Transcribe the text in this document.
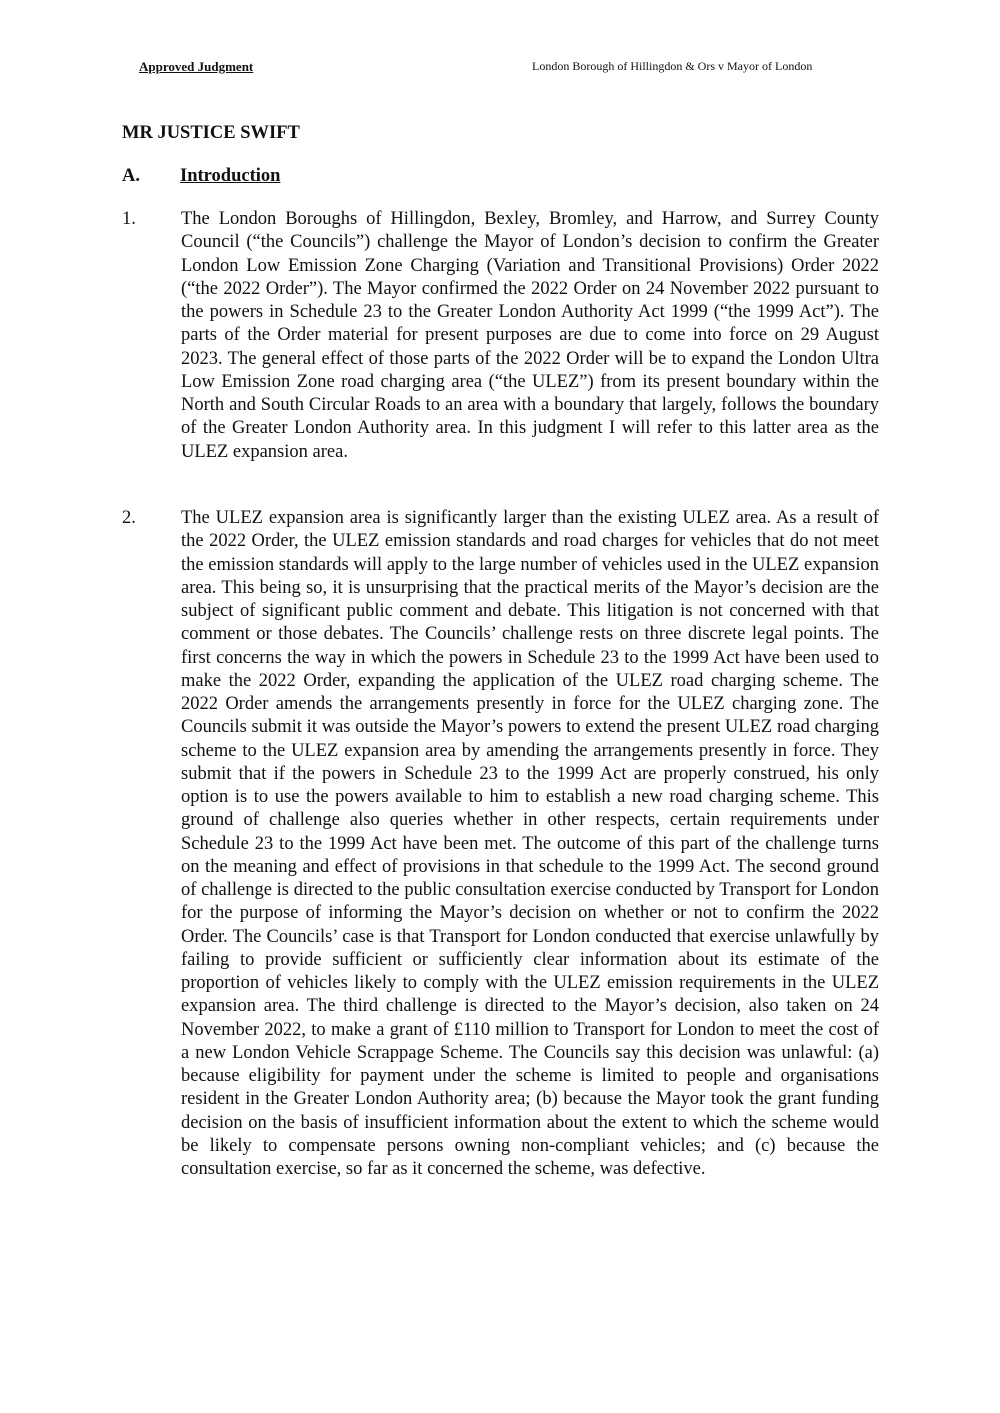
Approved Judgment	London Borough of Hillingdon & Ors v Mayor of London
MR JUSTICE SWIFT
A. Introduction
1. The London Boroughs of Hillingdon, Bexley, Bromley, and Harrow, and Surrey County Council (“the Councils”) challenge the Mayor of London’s decision to confirm the Greater London Low Emission Zone Charging (Variation and Transitional Provisions) Order 2022 (“the 2022 Order”). The Mayor confirmed the 2022 Order on 24 November 2022 pursuant to the powers in Schedule 23 to the Greater London Authority Act 1999 (“the 1999 Act”). The parts of the Order material for present purposes are due to come into force on 29 August 2023. The general effect of those parts of the 2022 Order will be to expand the London Ultra Low Emission Zone road charging area (“the ULEZ”) from its present boundary within the North and South Circular Roads to an area with a boundary that largely, follows the boundary of the Greater London Authority area. In this judgment I will refer to this latter area as the ULEZ expansion area.

2. The ULEZ expansion area is significantly larger than the existing ULEZ area. As a result of the 2022 Order, the ULEZ emission standards and road charges for vehicles that do not meet the emission standards will apply to the large number of vehicles used in the ULEZ expansion area. This being so, it is unsurprising that the practical merits of the Mayor’s decision are the subject of significant public comment and debate. This litigation is not concerned with that comment or those debates. The Councils’ challenge rests on three discrete legal points. The first concerns the way in which the powers in Schedule 23 to the 1999 Act have been used to make the 2022 Order, expanding the application of the ULEZ road charging scheme. The 2022 Order amends the arrangements presently in force for the ULEZ charging zone. The Councils submit it was outside the Mayor’s powers to extend the present ULEZ road charging scheme to the ULEZ expansion area by amending the arrangements presently in force. They submit that if the powers in Schedule 23 to the 1999 Act are properly construed, his only option is to use the powers available to him to establish a new road charging scheme. This ground of challenge also queries whether in other respects, certain requirements under Schedule 23 to the 1999 Act have been met. The outcome of this part of the challenge turns on the meaning and effect of provisions in that schedule to the 1999 Act. The second ground of challenge is directed to the public consultation exercise conducted by Transport for London for the purpose of informing the Mayor’s decision on whether or not to confirm the 2022 Order. The Councils’ case is that Transport for London conducted that exercise unlawfully by failing to provide sufficient or sufficiently clear information about its estimate of the proportion of vehicles likely to comply with the ULEZ emission requirements in the ULEZ expansion area. The third challenge is directed to the Mayor’s decision, also taken on 24 November 2022, to make a grant of £110 million to Transport for London to meet the cost of a new London Vehicle Scrappage Scheme. The Councils say this decision was unlawful: (a) because eligibility for payment under the scheme is limited to people and organisations resident in the Greater London Authority area; (b) because the Mayor took the grant funding decision on the basis of insufficient information about the extent to which the scheme would be likely to compensate persons owning non-compliant vehicles; and (c) because the consultation exercise, so far as it concerned the scheme, was defective.
